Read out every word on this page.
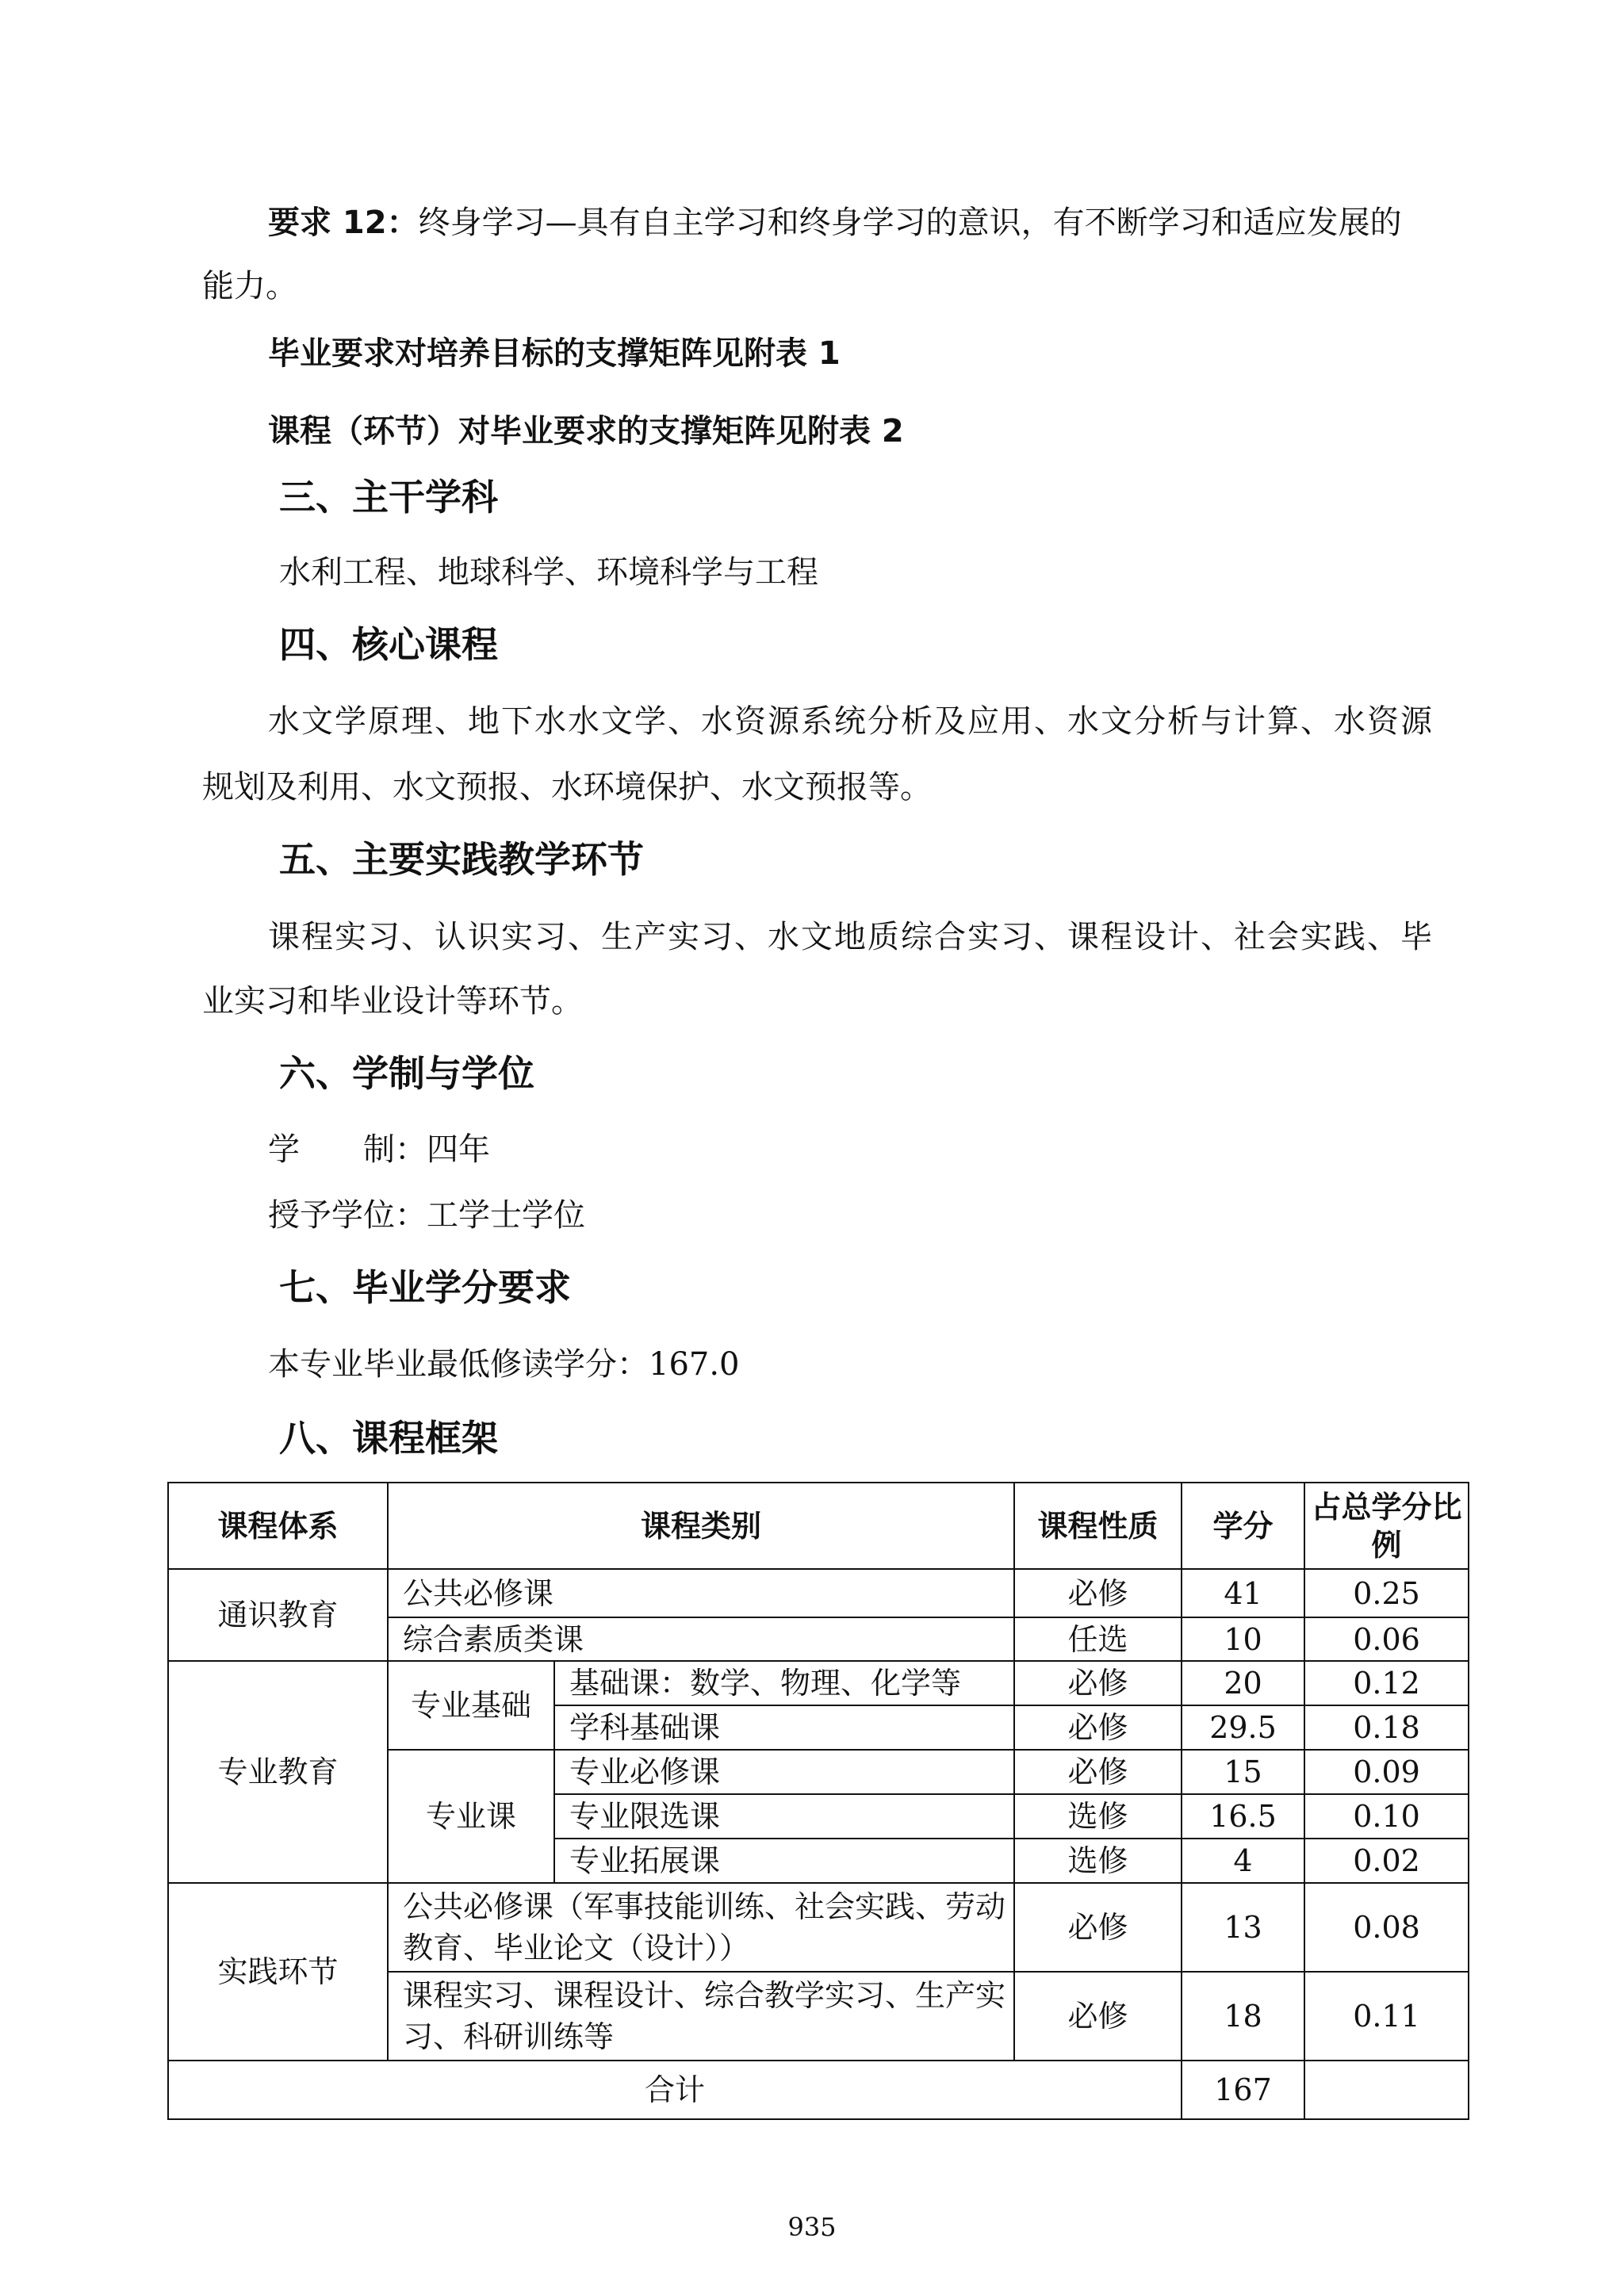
要求 12：终身学习—具有自主学习和终身学习的意识，有不断学习和适应发展的
能力。
毕业要求对培养目标的支撑矩阵见附表 1
课程（环节）对毕业要求的支撑矩阵见附表 2
三、主干学科
水利工程、地球科学、环境科学与工程
四、核心课程
水文学原理、地下水水文学、水资源系统分析及应用、水文分析与计算、水资源
规划及利用、水文预报、水环境保护、水文预报等。
五、主要实践教学环节
课程实习、认识实习、生产实习、水文地质综合实习、课程设计、社会实践、毕
业实习和毕业设计等环节。
六、学制与学位
学　　制：四年
授予学位：工学士学位
七、毕业学分要求
本专业毕业最低修读学分：167.0
八、课程框架
课程体系	课程类别		课程性质	学分	占总学分比例
通识教育	公共必修课		必修	41	0.25
	综合素质类课		任选	10	0.06
专业教育	专业基础	基础课：数学、物理、化学等	必修	20	0.12
		学科基础课	必修	29.5	0.18
	专业课	专业必修课	必修	15	0.09
		专业限选课	选修	16.5	0.10
		专业拓展课	选修	4	0.02
实践环节	公共必修课（军事技能训练、社会实践、劳动教育、毕业论文（设计））		必修	13	0.08
	课程实习、课程设计、综合教学实习、生产实习、科研训练等		必修	18	0.11
合计				167	
935
